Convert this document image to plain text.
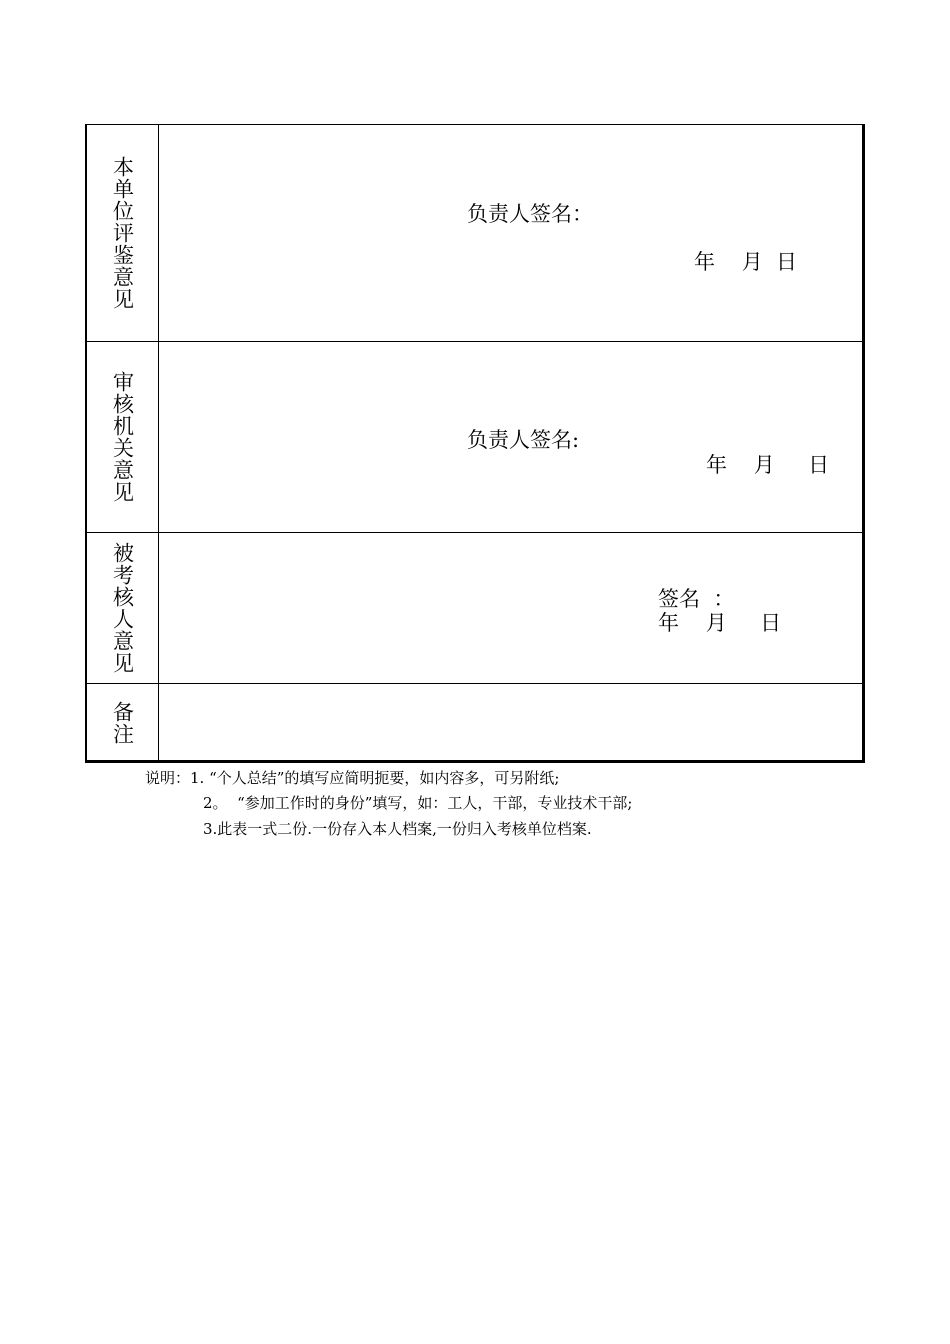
本单位评鉴意见	负责人签名：
年    月  日
审核机关意见	负责人签名:
年    月     日
被考核人意见	签名  ：
年    月     日
备注
说明：1. “个人总结”的填写应简明扼要，如内容多，可另附纸;
2。  “参加工作时的身份”填写，如：工人，干部，专业技术干部;
3.此表一式二份.一份存入本人档案,一份归入考核单位档案.
